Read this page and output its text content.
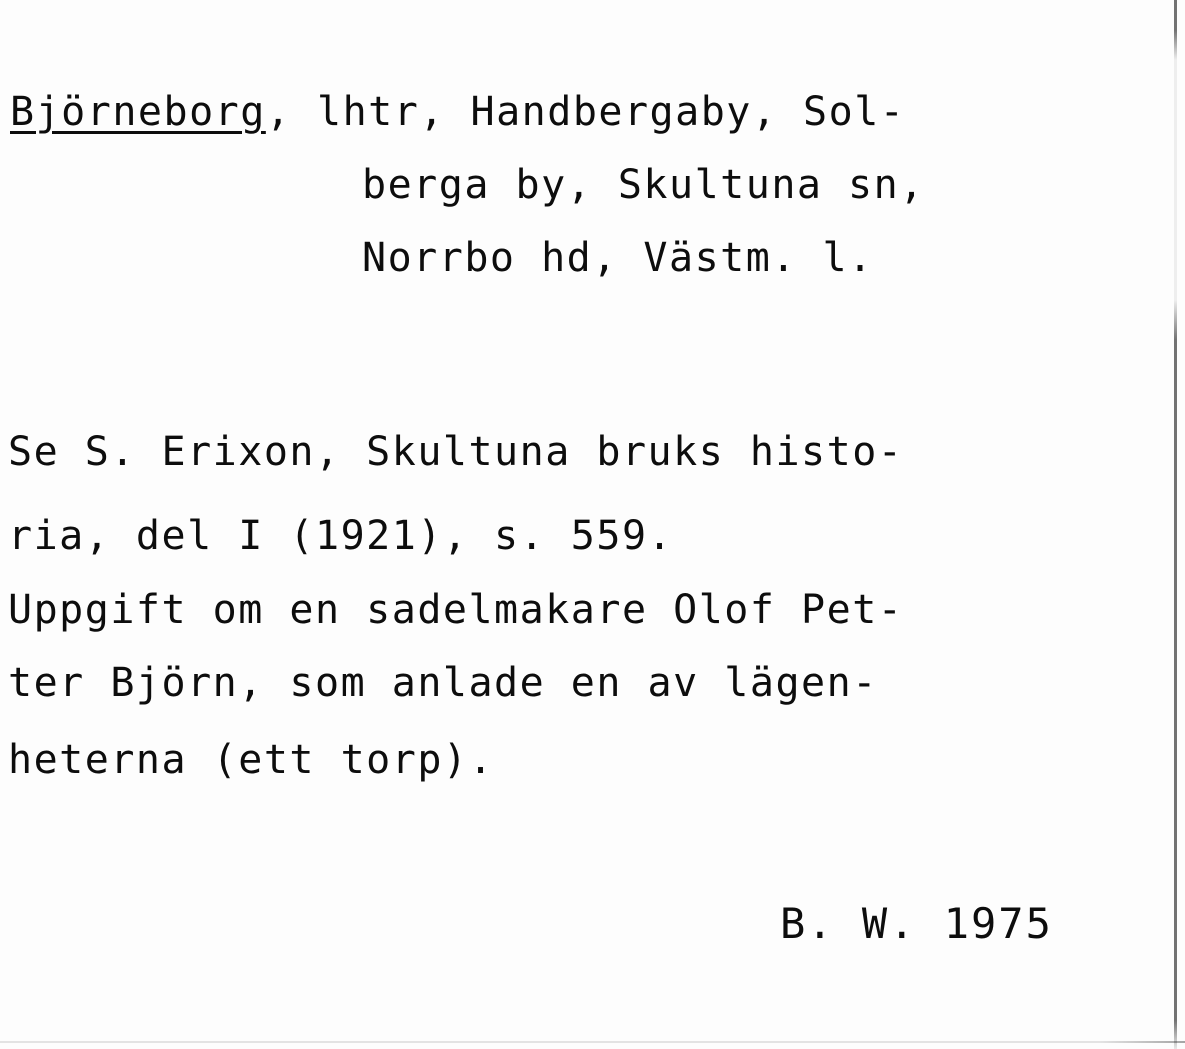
Björneborg, lhtr, Handbergaby, Sol-
berga by, Skultuna sn,
Norrbo hd, Västm. l.
Se S. Erixon, Skultuna bruks histo-
ria, del I (1921), s. 559.
Uppgift om en sadelmakare Olof Pet-
ter Björn, som anlade en av lägen-
heterna (ett torp).
B. W. 1975
